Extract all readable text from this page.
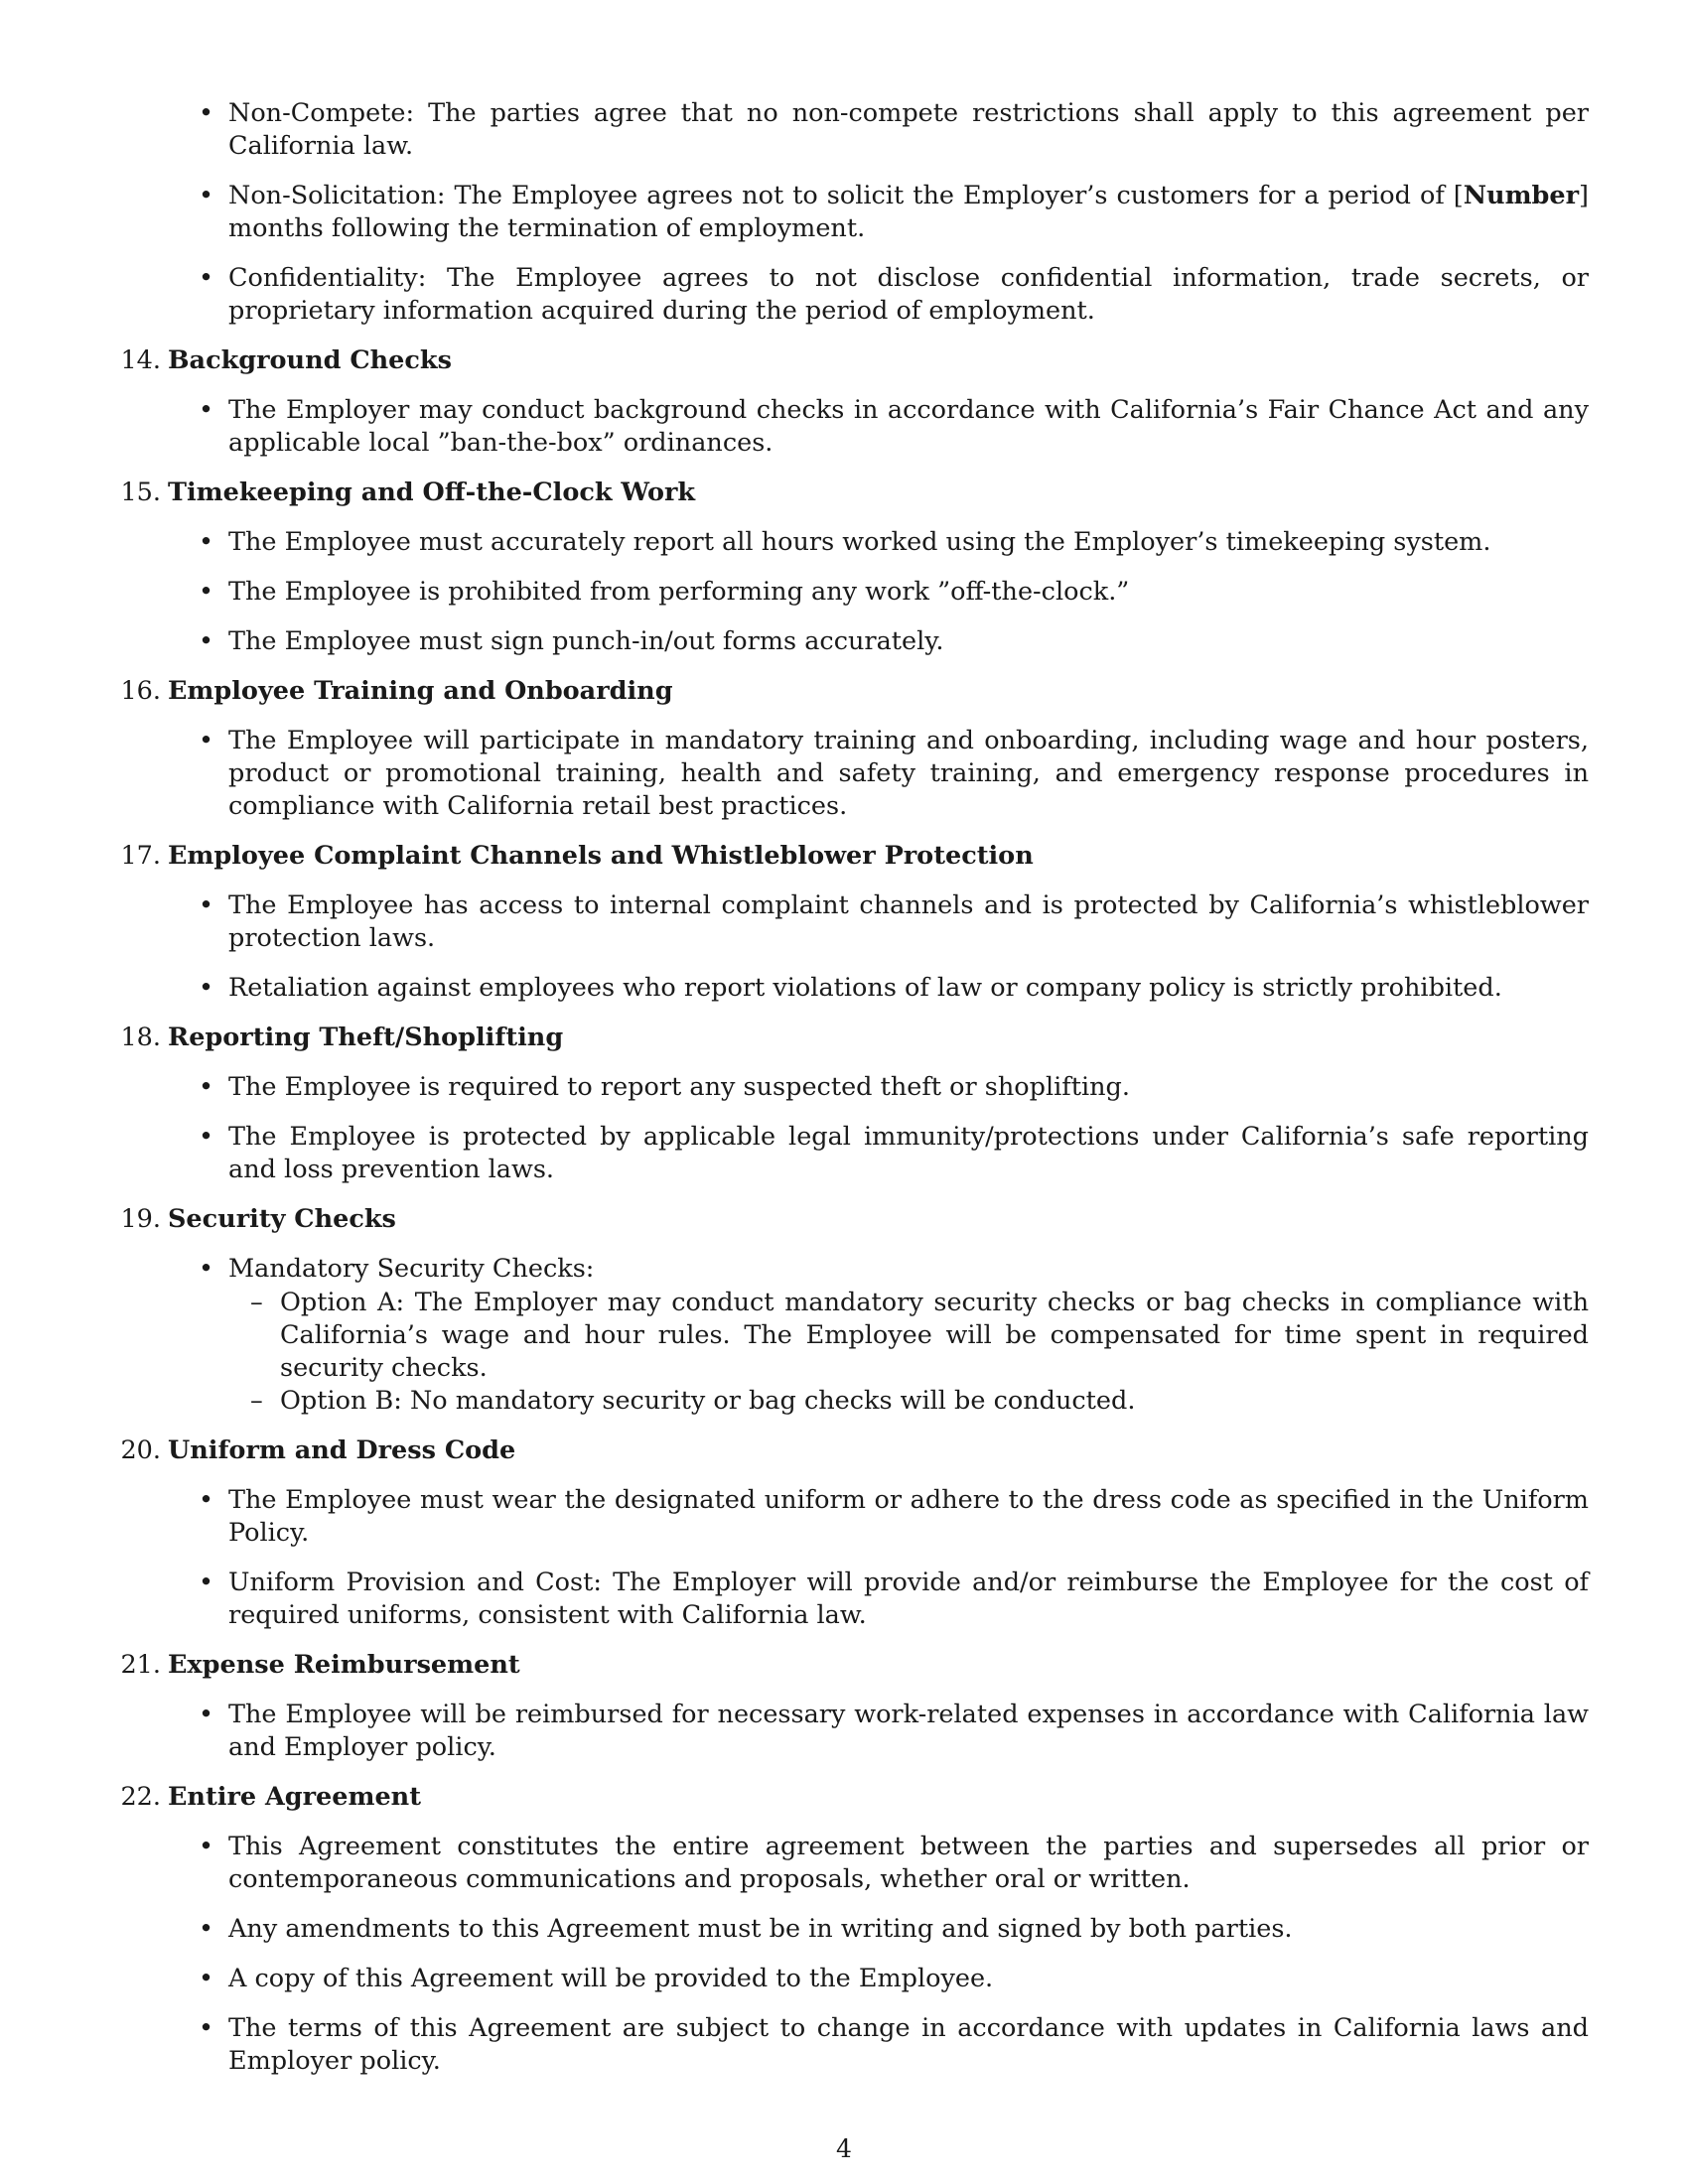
• Non-Compete: The parties agree that no non-compete restrictions shall apply to this agreement per California law.
• Non-Solicitation: The Employee agrees not to solicit the Employer’s customers for a period of [Number] months following the termination of employment.
• Confidentiality: The Employee agrees to not disclose confidential information, trade secrets, or proprietary information acquired during the period of employment.
14. Background Checks
• The Employer may conduct background checks in accordance with California’s Fair Chance Act and any applicable local ”ban-the-box” ordinances.
15. Timekeeping and Off-the-Clock Work
• The Employee must accurately report all hours worked using the Employer’s timekeeping system.
• The Employee is prohibited from performing any work ”off-the-clock.”
• The Employee must sign punch-in/out forms accurately.
16. Employee Training and Onboarding
• The Employee will participate in mandatory training and onboarding, including wage and hour posters, product or promotional training, health and safety training, and emergency response procedures in compliance with California retail best practices.
17. Employee Complaint Channels and Whistleblower Protection
• The Employee has access to internal complaint channels and is protected by California’s whistleblower protection laws.
• Retaliation against employees who report violations of law or company policy is strictly prohibited.
18. Reporting Theft/Shoplifting
• The Employee is required to report any suspected theft or shoplifting.
• The Employee is protected by applicable legal immunity/protections under California’s safe reporting and loss prevention laws.
19. Security Checks
• Mandatory Security Checks:
– Option A: The Employer may conduct mandatory security checks or bag checks in compliance with California’s wage and hour rules. The Employee will be compensated for time spent in required security checks.
– Option B: No mandatory security or bag checks will be conducted.
20. Uniform and Dress Code
• The Employee must wear the designated uniform or adhere to the dress code as specified in the Uniform Policy.
• Uniform Provision and Cost: The Employer will provide and/or reimburse the Employee for the cost of required uniforms, consistent with California law.
21. Expense Reimbursement
• The Employee will be reimbursed for necessary work-related expenses in accordance with California law and Employer policy.
22. Entire Agreement
• This Agreement constitutes the entire agreement between the parties and supersedes all prior or contemporaneous communications and proposals, whether oral or written.
• Any amendments to this Agreement must be in writing and signed by both parties.
• A copy of this Agreement will be provided to the Employee.
• The terms of this Agreement are subject to change in accordance with updates in California laws and Employer policy.
4
